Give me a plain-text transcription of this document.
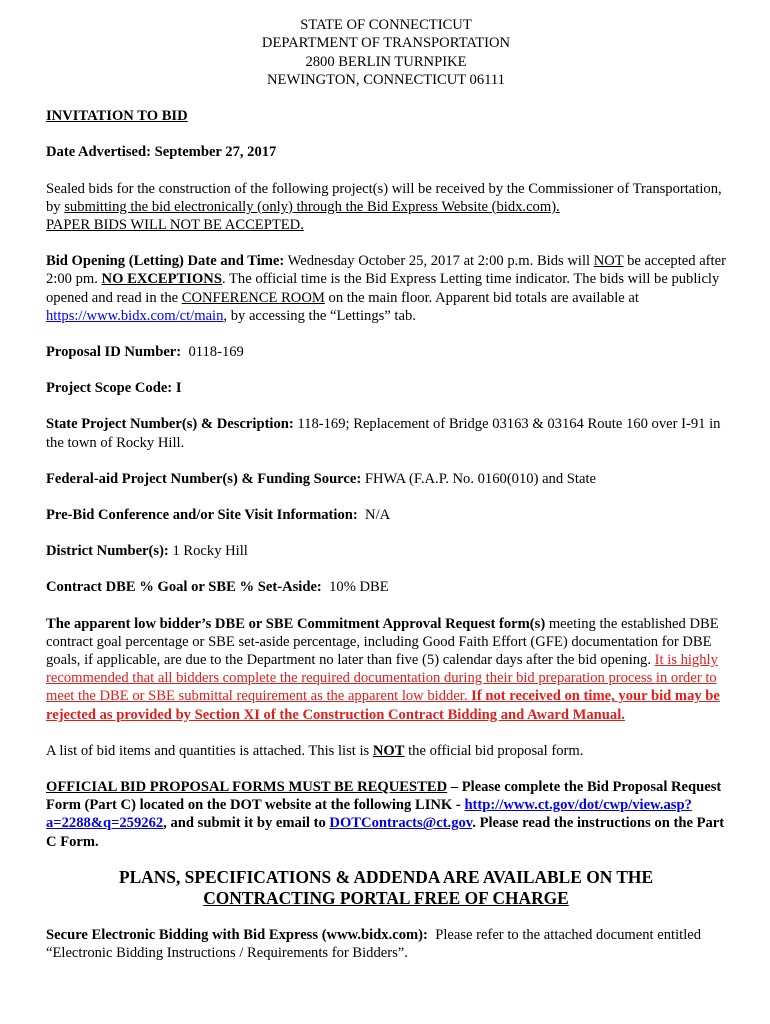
STATE OF CONNECTICUT
DEPARTMENT OF TRANSPORTATION
2800 BERLIN TURNPIKE
NEWINGTON, CONNECTICUT 06111

INVITATION TO BID

Date Advertised: September 27, 2017

Sealed bids for the construction of the following project(s) will be received by the Commissioner of Transportation, by submitting the bid electronically (only) through the Bid Express Website (bidx.com).
PAPER BIDS WILL NOT BE ACCEPTED.

Bid Opening (Letting) Date and Time: Wednesday October 25, 2017 at 2:00 p.m. Bids will NOT be accepted after 2:00 pm. NO EXCEPTIONS. The official time is the Bid Express Letting time indicator. The bids will be publicly opened and read in the CONFERENCE ROOM on the main floor. Apparent bid totals are available at https://www.bidx.com/ct/main, by accessing the “Lettings” tab.

Proposal ID Number:  0118-169

Project Scope Code: I

State Project Number(s) & Description: 118-169; Replacement of Bridge 03163 & 03164 Route 160 over I-91 in the town of Rocky Hill.

Federal-aid Project Number(s) & Funding Source: FHWA (F.A.P. No. 0160(010) and State

Pre-Bid Conference and/or Site Visit Information:  N/A

District Number(s): 1 Rocky Hill

Contract DBE % Goal or SBE % Set-Aside:  10% DBE

The apparent low bidder’s DBE or SBE Commitment Approval Request form(s) meeting the established DBE contract goal percentage or SBE set-aside percentage, including Good Faith Effort (GFE) documentation for DBE goals, if applicable, are due to the Department no later than five (5) calendar days after the bid opening. It is highly recommended that all bidders complete the required documentation during their bid preparation process in order to meet the DBE or SBE submittal requirement as the apparent low bidder. If not received on time, your bid may be rejected as provided by Section XI of the Construction Contract Bidding and Award Manual.

A list of bid items and quantities is attached. This list is NOT the official bid proposal form.

OFFICIAL BID PROPOSAL FORMS MUST BE REQUESTED – Please complete the Bid Proposal Request Form (Part C) located on the DOT website at the following LINK - http://www.ct.gov/dot/cwp/view.asp?a=2288&q=259262, and submit it by email to DOTContracts@ct.gov. Please read the instructions on the Part C Form.

PLANS, SPECIFICATIONS & ADDENDA ARE AVAILABLE ON THE
CONTRACTING PORTAL FREE OF CHARGE

Secure Electronic Bidding with Bid Express (www.bidx.com):  Please refer to the attached document entitled “Electronic Bidding Instructions / Requirements for Bidders”.
